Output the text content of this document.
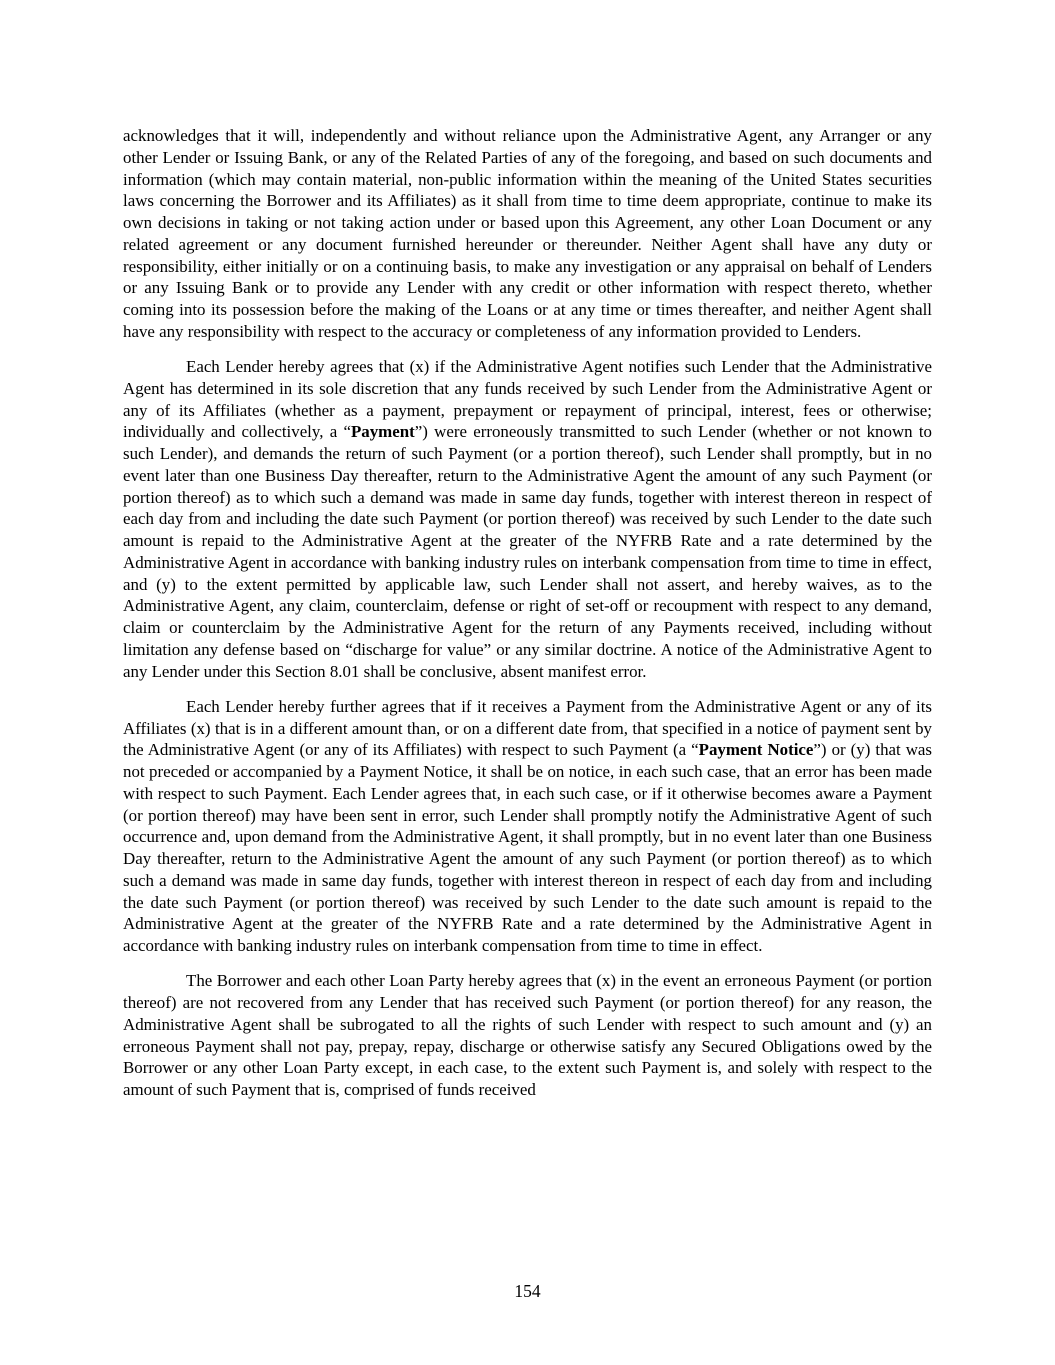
acknowledges that it will, independently and without reliance upon the Administrative Agent, any Arranger or any other Lender or Issuing Bank, or any of the Related Parties of any of the foregoing, and based on such documents and information (which may contain material, non-public information within the meaning of the United States securities laws concerning the Borrower and its Affiliates) as it shall from time to time deem appropriate, continue to make its own decisions in taking or not taking action under or based upon this Agreement, any other Loan Document or any related agreement or any document furnished hereunder or thereunder. Neither Agent shall have any duty or responsibility, either initially or on a continuing basis, to make any investigation or any appraisal on behalf of Lenders or any Issuing Bank or to provide any Lender with any credit or other information with respect thereto, whether coming into its possession before the making of the Loans or at any time or times thereafter, and neither Agent shall have any responsibility with respect to the accuracy or completeness of any information provided to Lenders.

Each Lender hereby agrees that (x) if the Administrative Agent notifies such Lender that the Administrative Agent has determined in its sole discretion that any funds received by such Lender from the Administrative Agent or any of its Affiliates (whether as a payment, prepayment or repayment of principal, interest, fees or otherwise; individually and collectively, a “Payment”) were erroneously transmitted to such Lender (whether or not known to such Lender), and demands the return of such Payment (or a portion thereof), such Lender shall promptly, but in no event later than one Business Day thereafter, return to the Administrative Agent the amount of any such Payment (or portion thereof) as to which such a demand was made in same day funds, together with interest thereon in respect of each day from and including the date such Payment (or portion thereof) was received by such Lender to the date such amount is repaid to the Administrative Agent at the greater of the NYFRB Rate and a rate determined by the Administrative Agent in accordance with banking industry rules on interbank compensation from time to time in effect, and (y) to the extent permitted by applicable law, such Lender shall not assert, and hereby waives, as to the Administrative Agent, any claim, counterclaim, defense or right of set-off or recoupment with respect to any demand, claim or counterclaim by the Administrative Agent for the return of any Payments received, including without limitation any defense based on “discharge for value” or any similar doctrine. A notice of the Administrative Agent to any Lender under this Section 8.01 shall be conclusive, absent manifest error.

Each Lender hereby further agrees that if it receives a Payment from the Administrative Agent or any of its Affiliates (x) that is in a different amount than, or on a different date from, that specified in a notice of payment sent by the Administrative Agent (or any of its Affiliates) with respect to such Payment (a “Payment Notice”) or (y) that was not preceded or accompanied by a Payment Notice, it shall be on notice, in each such case, that an error has been made with respect to such Payment. Each Lender agrees that, in each such case, or if it otherwise becomes aware a Payment (or portion thereof) may have been sent in error, such Lender shall promptly notify the Administrative Agent of such occurrence and, upon demand from the Administrative Agent, it shall promptly, but in no event later than one Business Day thereafter, return to the Administrative Agent the amount of any such Payment (or portion thereof) as to which such a demand was made in same day funds, together with interest thereon in respect of each day from and including the date such Payment (or portion thereof) was received by such Lender to the date such amount is repaid to the Administrative Agent at the greater of the NYFRB Rate and a rate determined by the Administrative Agent in accordance with banking industry rules on interbank compensation from time to time in effect.

The Borrower and each other Loan Party hereby agrees that (x) in the event an erroneous Payment (or portion thereof) are not recovered from any Lender that has received such Payment (or portion thereof) for any reason, the Administrative Agent shall be subrogated to all the rights of such Lender with respect to such amount and (y) an erroneous Payment shall not pay, prepay, repay, discharge or otherwise satisfy any Secured Obligations owed by the Borrower or any other Loan Party except, in each case, to the extent such Payment is, and solely with respect to the amount of such Payment that is, comprised of funds received

154
